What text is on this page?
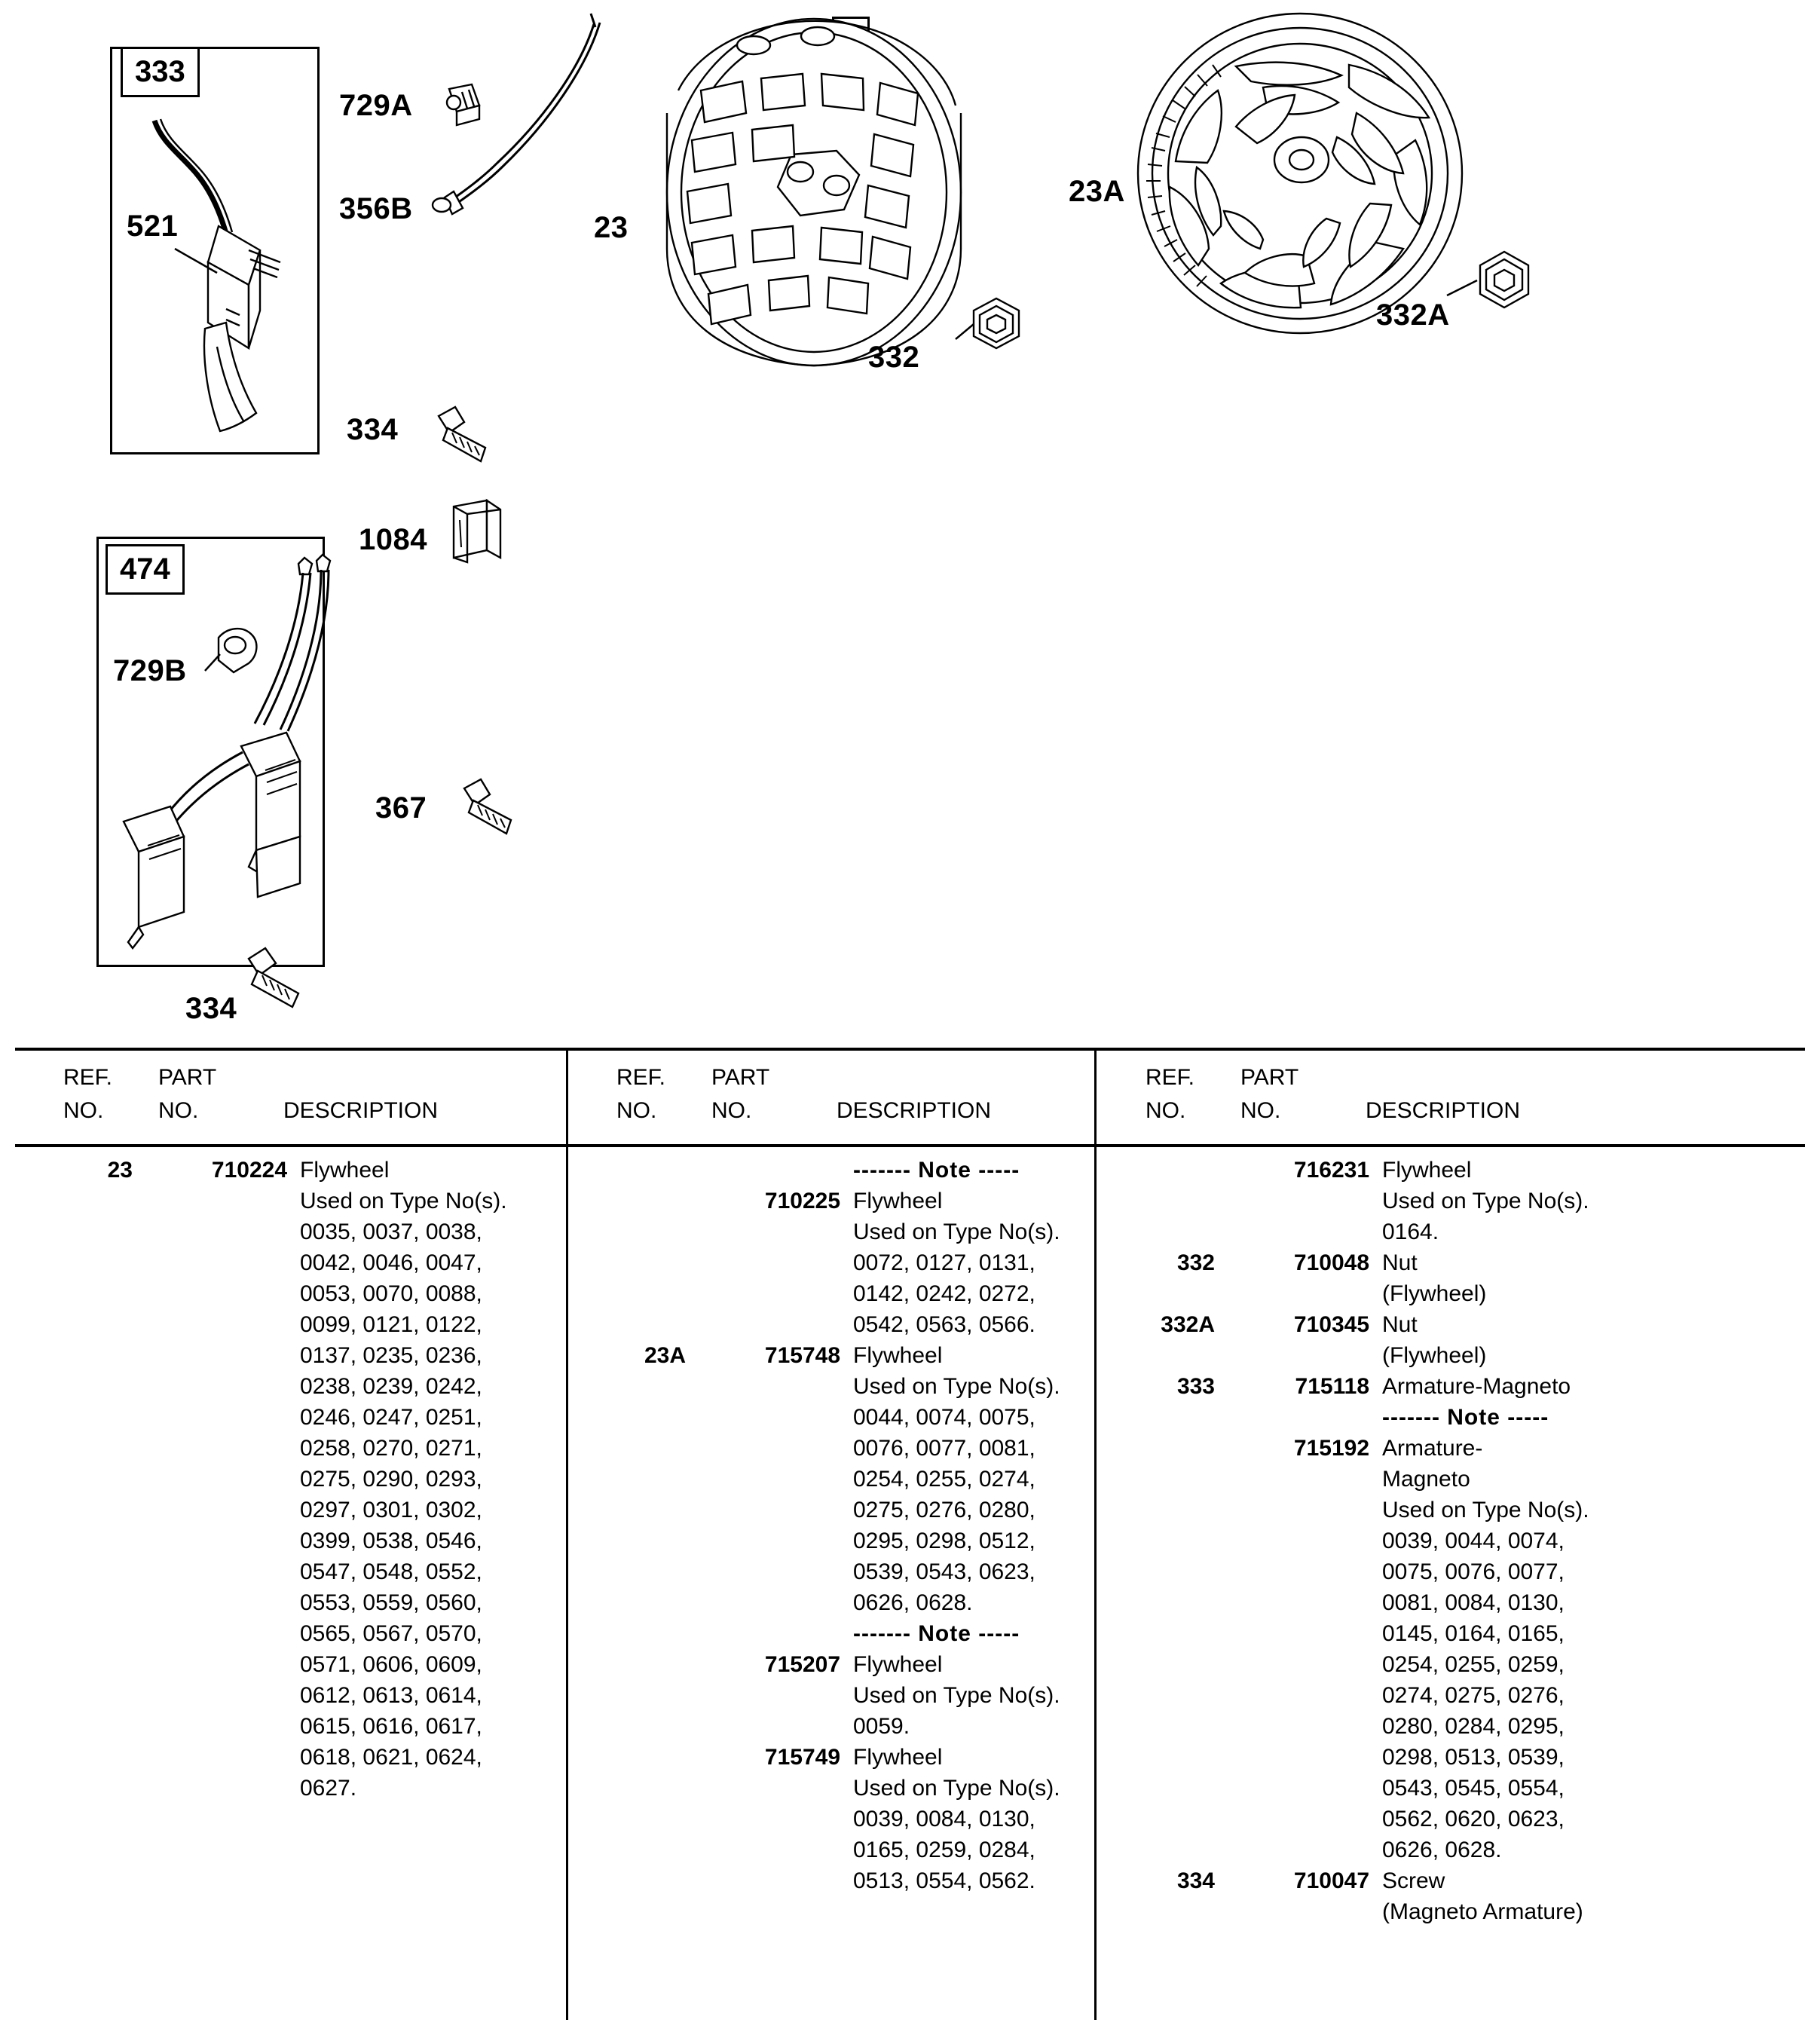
333
521
729A
356B
23
332
23A
332A
334
1084
474
729B
367
334
REF.
NO.
PART
NO.	DESCRIPTION
23	710224 Flywheel
Used on Type No(s).
0035, 0037, 0038,
0042, 0046, 0047,
0053, 0070, 0088,
0099, 0121, 0122,
0137, 0235, 0236,
0238, 0239, 0242,
0246, 0247, 0251,
0258, 0270, 0271,
0275, 0290, 0293,
0297, 0301, 0302,
0399, 0538, 0546,
0547, 0548, 0552,
0553, 0559, 0560,
0565, 0567, 0570,
0571, 0606, 0609,
0612, 0613, 0614,
0615, 0616, 0617,
0618, 0621, 0624,
0627.
REF.
NO.
PART
NO.	DESCRIPTION
------- Note -----
710225 Flywheel
Used on Type No(s).
0072, 0127, 0131,
0142, 0242, 0272,
0542, 0563, 0566.
23A	715748 Flywheel
Used on Type No(s).
0044, 0074, 0075,
0076, 0077, 0081,
0254, 0255, 0274,
0275, 0276, 0280,
0295, 0298, 0512,
0539, 0543, 0623,
0626, 0628.
------- Note -----
715207 Flywheel
Used on Type No(s).
0059.
715749 Flywheel
Used on Type No(s).
0039, 0084, 0130,
0165, 0259, 0284,
0513, 0554, 0562.
REF.
NO.
PART
NO.	DESCRIPTION
716231 Flywheel
Used on Type No(s).
0164.
332	710048 Nut
(Flywheel)
332A	710345 Nut
(Flywheel)
333	715118 Armature-Magneto
------- Note -----
715192 Armature-
Magneto
Used on Type No(s).
0039, 0044, 0074,
0075, 0076, 0077,
0081, 0084, 0130,
0145, 0164, 0165,
0254, 0255, 0259,
0274, 0275, 0276,
0280, 0284, 0295,
0298, 0513, 0539,
0543, 0545, 0554,
0562, 0620, 0623,
0626, 0628.
334	710047 Screw
(Magneto Armature)
